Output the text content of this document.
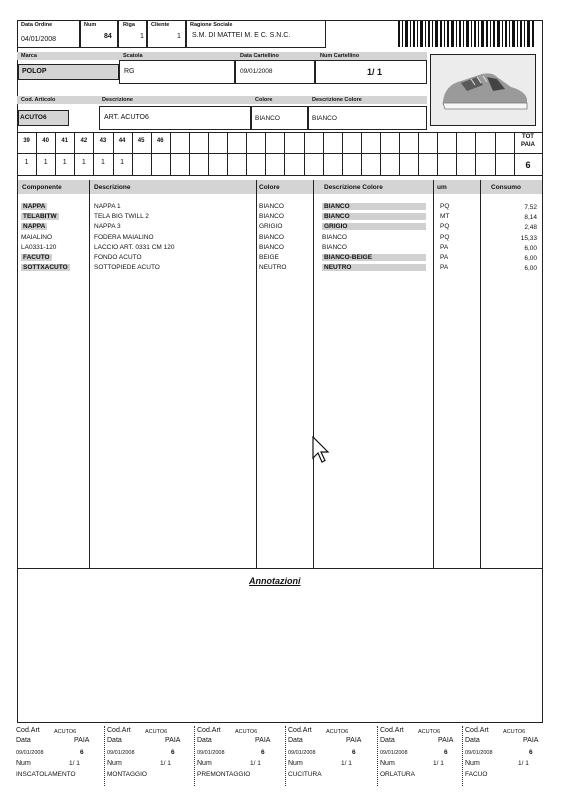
Data Ordine
04/01/2008
Num
84
Riga
1
Cliente
1
Ragione Sociale
S.M. DI MATTEI M. E C. S.N.C.
Marca	Scatola	Data Cartellino	Num Cartellino
POLOP	RG	09/01/2008	1/ 1
Cod. Articolo	Descrizione	Colore	Descrizione Colore
ACUTO6	ART. ACUTO6	BIANCO	BIANCO
39	40	41	42	43	44	45	46
1	1	1	1	1	1
TOT
PAIA
6
Componente	Descrizione	Colore	Descrizione Colore	um	Consumo
NAPPA	NAPPA 1	BIANCO	BIANCO	PQ	7,52
TELABITW	TELA BIG TWILL 2	BIANCO	BIANCO	MT	8,14
NAPPA	NAPPA 3	GRIGIO	GRIGIO	PQ	2,48
MAIALINO	FODERA MAIALINO	BIANCO	BIANCO	PQ	15,33
LA0331-120	LACCIO ART. 0331 CM 120	BIANCO	BIANCO	PA	6,00
FACUTO	FONDO ACUTO	BEIGE	BIANCO-BEIGE	PA	6,00
SOTTXACUTO	SOTTOPIEDE ACUTO	NEUTRO	NEUTRO	PA	6,00
Annotazioni
Cod.Art	ACUTO6
Data	PAIA
09/01/2008	6
Num	1/ 1
INSCATOLAMENTO
Cod.Art	ACUTO6
Data	PAIA
09/01/2008	6
Num	1/ 1
MONTAGGIO
Cod.Art	ACUTO6
Data	PAIA
09/01/2008	6
Num	1/ 1
PREMONTAGGIO
Cod.Art	ACUTO6
Data	PAIA
09/01/2008	6
Num	1/ 1
CUCITURA
Cod.Art	ACUTO6
Data	PAIA
09/01/2008	6
Num	1/ 1
ORLATURA
Cod.Art	ACUTO6
Data	PAIA
09/01/2008	6
Num	1/ 1
FACUO
